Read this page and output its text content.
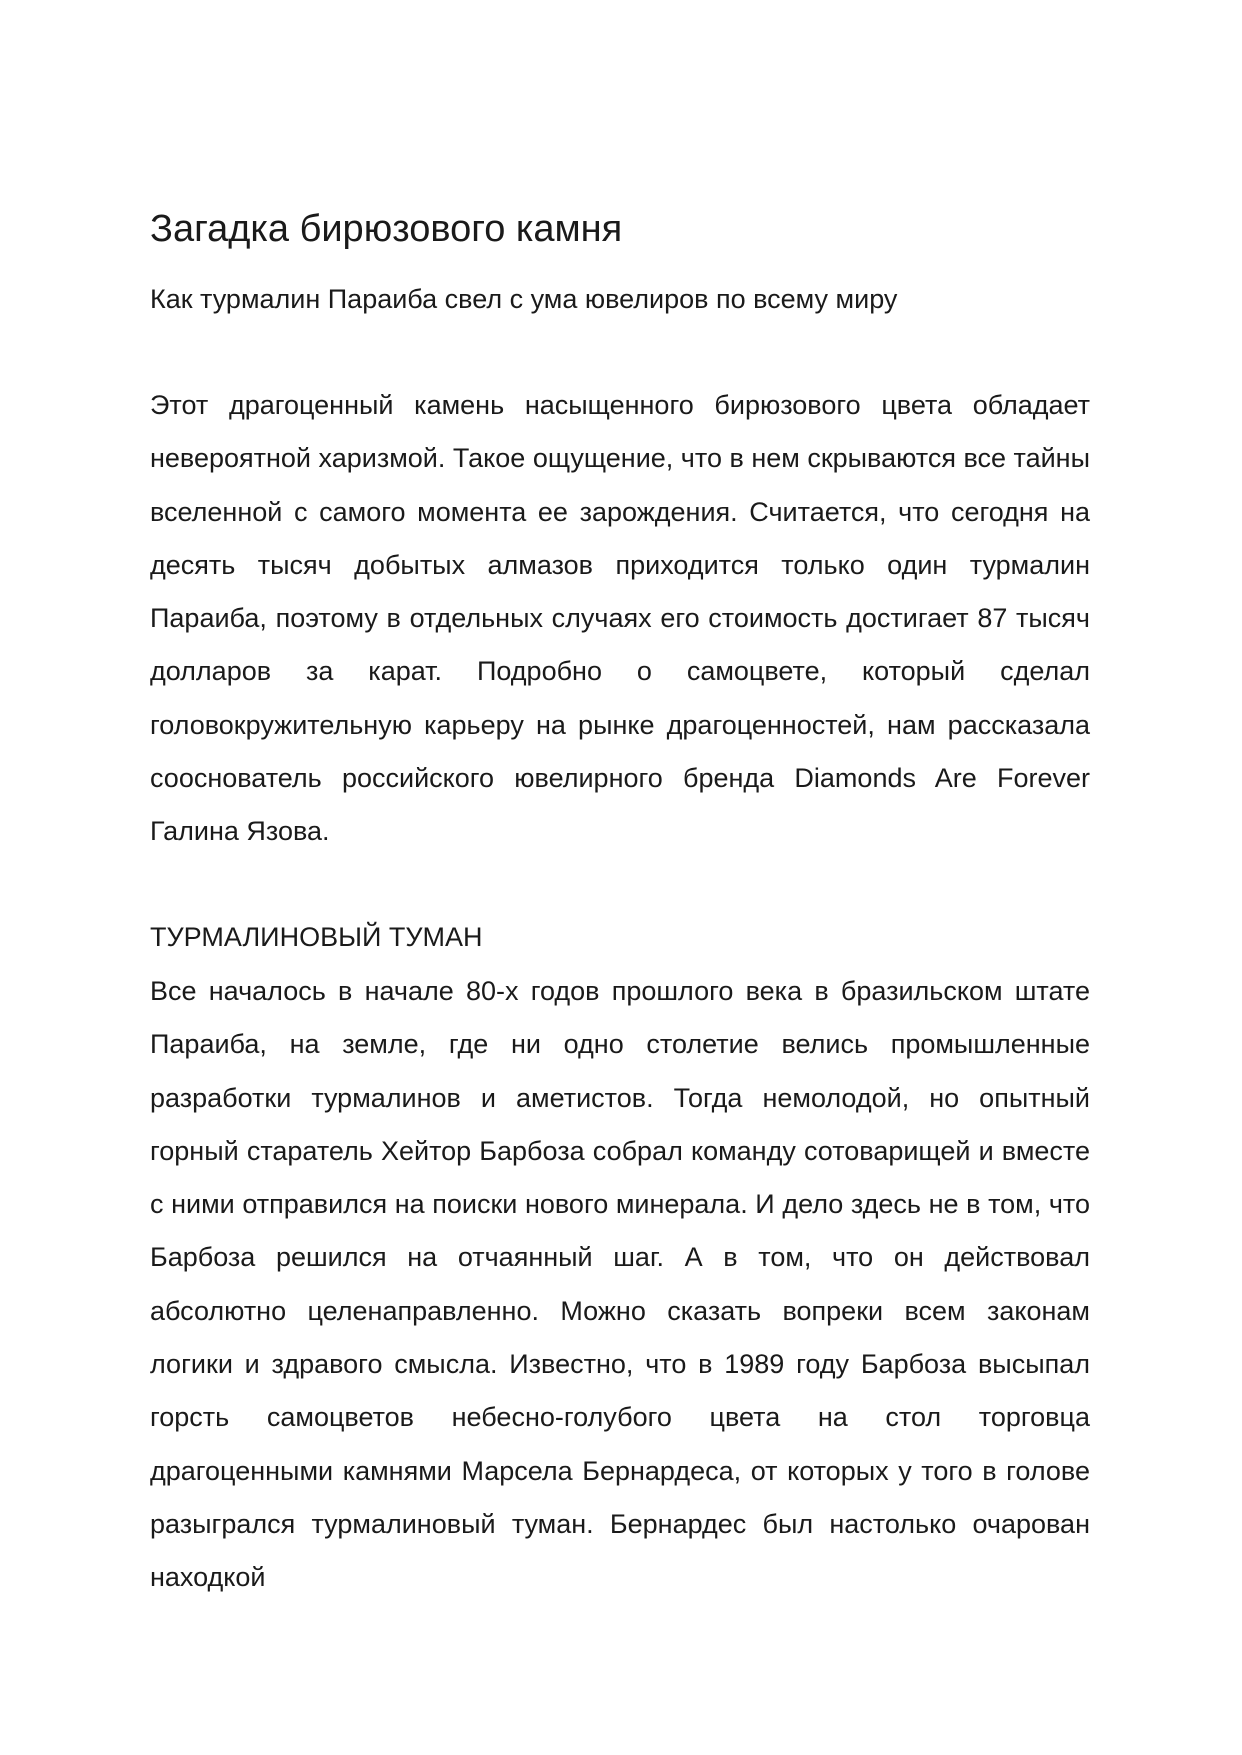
Загадка бирюзового камня

Как турмалин Параиба свел с ума ювелиров по всему миру

Этот драгоценный камень насыщенного бирюзового цвета обладает невероятной харизмой. Такое ощущение, что в нем скрываются все тайны вселенной с самого момента ее зарождения. Считается, что сегодня на десять тысяч добытых алмазов приходится только один турмалин Параиба, поэтому в отдельных случаях его стоимость достигает 87 тысяч долларов за карат. Подробно о самоцвете, который сделал головокружительную карьеру на рынке драгоценностей, нам рассказала сооснователь российского ювелирного бренда Diamonds Are Forever Галина Язова.

ТУРМАЛИНОВЫЙ ТУМАН

Все началось в начале 80-х годов прошлого века в бразильском штате Параиба, на земле, где ни одно столетие велись промышленные разработки турмалинов и аметистов. Тогда немолодой, но опытный горный старатель Хейтор Барбоза собрал команду сотоварищей и вместе с ними отправился на поиски нового минерала. И дело здесь не в том, что Барбоза решился на отчаянный шаг. А в том, что он действовал абсолютно целенаправленно. Можно сказать вопреки всем законам логики и здравого смысла. Известно, что в 1989 году Барбоза высыпал горсть самоцветов небесно-голубого цвета на стол торговца драгоценными камнями Марсела Бернардеса, от которых у того в голове разыгрался турмалиновый туман. Бернардес был настолько очарован находкой
